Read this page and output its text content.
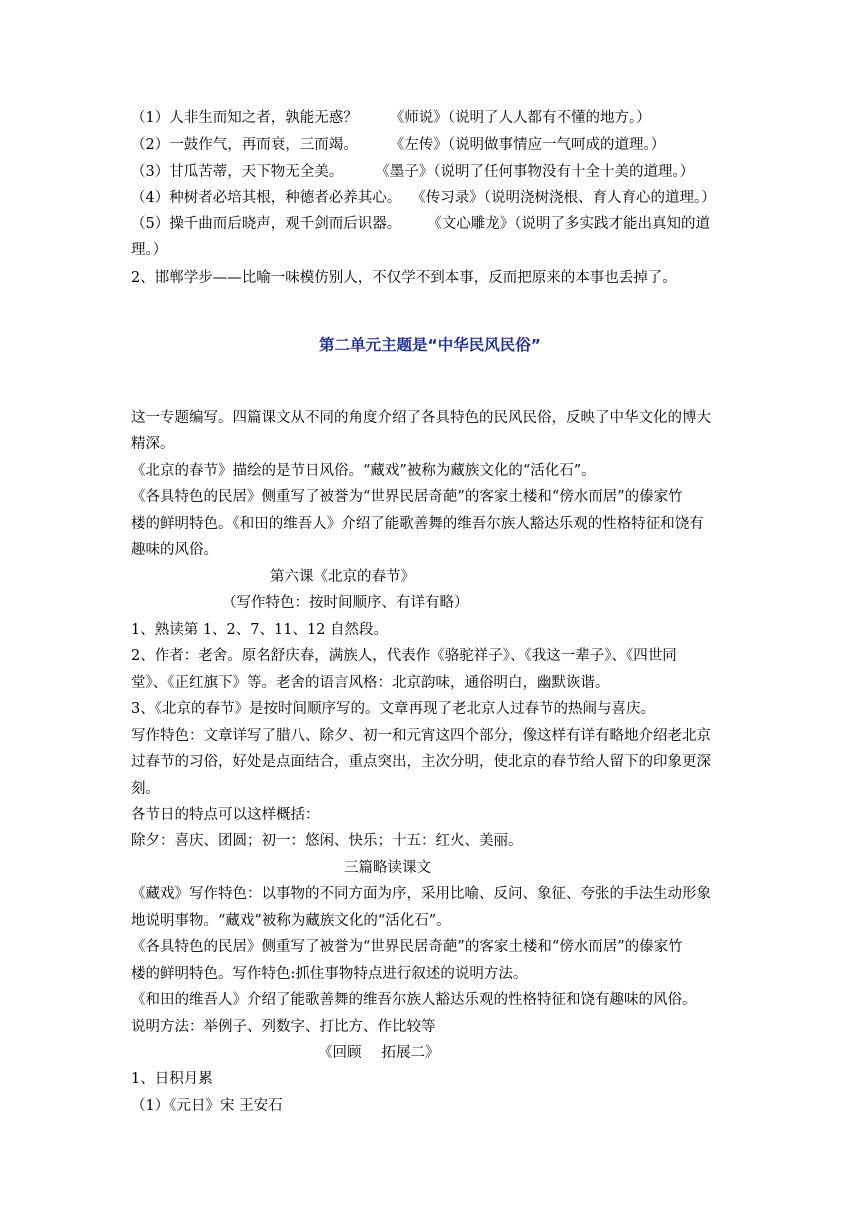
（1）人非生而知之者，孰能无惑？ 《师说》（说明了人人都有不懂的地方。）
（2）一鼓作气，再而衰，三而竭。 《左传》（说明做事情应一气呵成的道理。）
（3）甘瓜苦蒂，天下物无全美。 《墨子》（说明了任何事物没有十全十美的道理。）
（4）种树者必培其根，种德者必养其心。 《传习录》（说明浇树浇根、育人育心的道理。）
（5）操千曲而后晓声，观千剑而后识器。 《文心雕龙》（说明了多实践才能出真知的道
理。）
2、邯郸学步——比喻一味模仿别人，不仅学不到本事，反而把原来的本事也丢掉了。
第二单元主题是“中华民风民俗”
这一专题编写。四篇课文从不同的角度介绍了各具特色的民风民俗，反映了中华文化的博大
精深。
《北京的春节》描绘的是节日风俗。“藏戏”被称为藏族文化的“活化石”。
《各具特色的民居》侧重写了被誉为“世界民居奇葩”的客家土楼和“傍水而居”的傣家竹
楼的鲜明特色。《和田的维吾人》介绍了能歌善舞的维吾尔族人豁达乐观的性格特征和饶有
趣味的风俗。
第六课《北京的春节》
（写作特色：按时间顺序、有详有略）
1、熟读第 1、2、7、11、12 自然段。
2、作者：老舍。原名舒庆春，满族人，代表作《骆驼祥子》、《我这一辈子》、《四世同
堂》、《正红旗下》等。老舍的语言风格：北京韵味，通俗明白，幽默诙谐。
3、《北京的春节》是按时间顺序写的。文章再现了老北京人过春节的热闹与喜庆。
写作特色：文章详写了腊八、除夕、初一和元宵这四个部分，像这样有详有略地介绍老北京
过春节的习俗，好处是点面结合，重点突出，主次分明，使北京的春节给人留下的印象更深
刻。
各节日的特点可以这样概括：
除夕：喜庆、团圆；初一：悠闲、快乐；十五：红火、美丽。
三篇略读课文
《藏戏》写作特色：以事物的不同方面为序，采用比喻、反问、象征、夸张的手法生动形象
地说明事物。“藏戏”被称为藏族文化的“活化石”。
《各具特色的民居》侧重写了被誉为“世界民居奇葩”的客家土楼和“傍水而居”的傣家竹
楼的鲜明特色。写作特色:抓住事物特点进行叙述的说明方法。
《和田的维吾人》介绍了能歌善舞的维吾尔族人豁达乐观的性格特征和饶有趣味的风俗。
说明方法：举例子、列数字、打比方、作比较等
《回顾 拓展二》
1、日积月累
（1）《元日》宋 王安石
